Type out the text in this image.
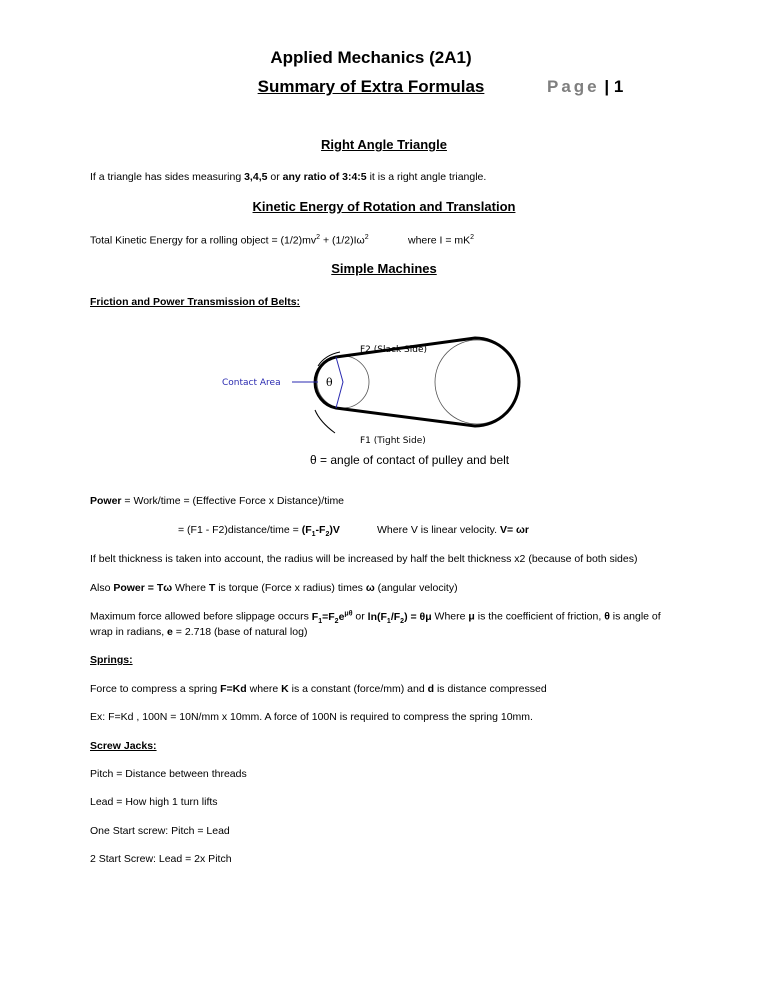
Applied Mechanics (2A1)
Summary of Extra Formulas	Page | 1
Right Angle Triangle
If a triangle has sides measuring 3,4,5 or any ratio of 3:4:5 it is a right angle triangle.
Kinetic Energy of Rotation and Translation
Total Kinetic Energy for a rolling object = $(1/2)mv^2 + (1/2)I\omega^2$	where $I = mK^2$
Simple Machines
Friction and Power Transmission of Belts:
F2 (Slack Side)
F1 (Tight Side)
Contact Area	θ
θ = angle of contact of pulley and belt
Power = Work/time = (Effective Force x Distance)/time
= (F1 - F2)distance/time = $(F_1-F_2)V$	Where V is linear velocity. V= ωr
If belt thickness is taken into account, the radius will be increased by half the belt thickness x2 (because of both sides)
Also Power = Tω Where T is torque (Force x radius) times ω (angular velocity)
Maximum force allowed before slippage occurs $F_1=F_2e^{\mu\theta}$ or $\ln(F_1/F_2) = \theta\mu$ Where μ is the coefficient of friction, θ is angle of
wrap in radians, e = 2.718 (base of natural log)
Springs:
Force to compress a spring F=Kd where K is a constant (force/mm) and d is distance compressed
Ex: F=Kd , 100N = 10N/mm x 10mm. A force of 100N is required to compress the spring 10mm.
Screw Jacks:
Pitch = Distance between threads
Lead = How high 1 turn lifts
One Start screw: Pitch = Lead
2 Start Screw: Lead = 2x Pitch
